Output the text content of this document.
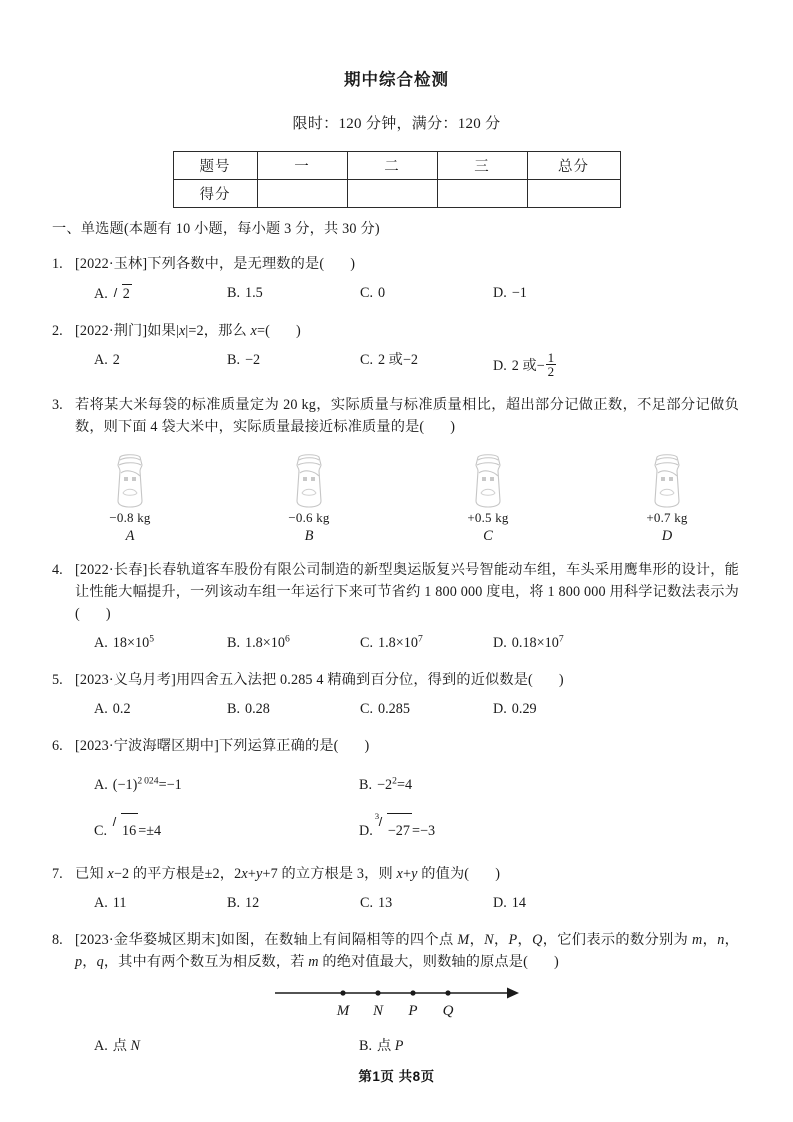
期中综合检测

限时：120 分钟，满分：120 分

题号	一	二	三	总分
得分				

一、单选题(本题有 10 小题，每小题 3 分，共 30 分)

1. [2022·玉林]下列各数中，是无理数的是( )
A. 2	B. 1.5	C. 0	D. −1
2. [2022·荆门]如果|x|=2，那么 x=( )
A. 2	B. −2	C. 2 或−2	D. 2 或− $\frac{1}{2}$
3. 若将某大米每袋的标准质量定为 20 kg，实际质量与标准质量相比，超出部分记做正数，不足部分记做负数，则下面 4 袋大米中，实际质量最接近标准质量的是( )
−0.8 kg
A
−0.6 kg
B
+0.5 kg
C
+0.7 kg
D
4. [2022·长春]长春轨道客车股份有限公司制造的新型奥运版复兴号智能动车组，车头采用鹰隼形的设计，能让性能大幅提升，一列该动车组一年运行下来可节省约 1 800 000 度电，将 1 800 000 用科学记数法表示为( )
A. $18\times 10^5$	B. $1.8\times 10^6$	C. $1.8\times 10^7$	D. $0.18\times 10^7$
5. [2023·义乌月考]用四舍五入法把 0.285 4 精确到百分位，得到的近似数是( )
A. 0.2	B. 0.28	C. 0.285	D. 0.29
6. [2023·宁波海曙区期中]下列运算正确的是( )
A. $(-1)^{2 024}=-1$	B. $-2^2=4$
C. 16 =±4	D.
3
−27 =−3
7. 已知 x−2 的平方根是±2，2x+y+7 的立方根是 3，则 x+y 的值为( )
A. 11	B. 12	C. 13	D. 14
8. [2023·金华婺城区期末]如图，在数轴上有间隔相等的四个点 M，N，P，Q，它们表示的数分别为 m，n，p，q，其中有两个数互为相反数，若 m 的绝对值最大，则数轴的原点是( )
M N P Q
A. 点 N	B. 点 P
第1页 共8页
